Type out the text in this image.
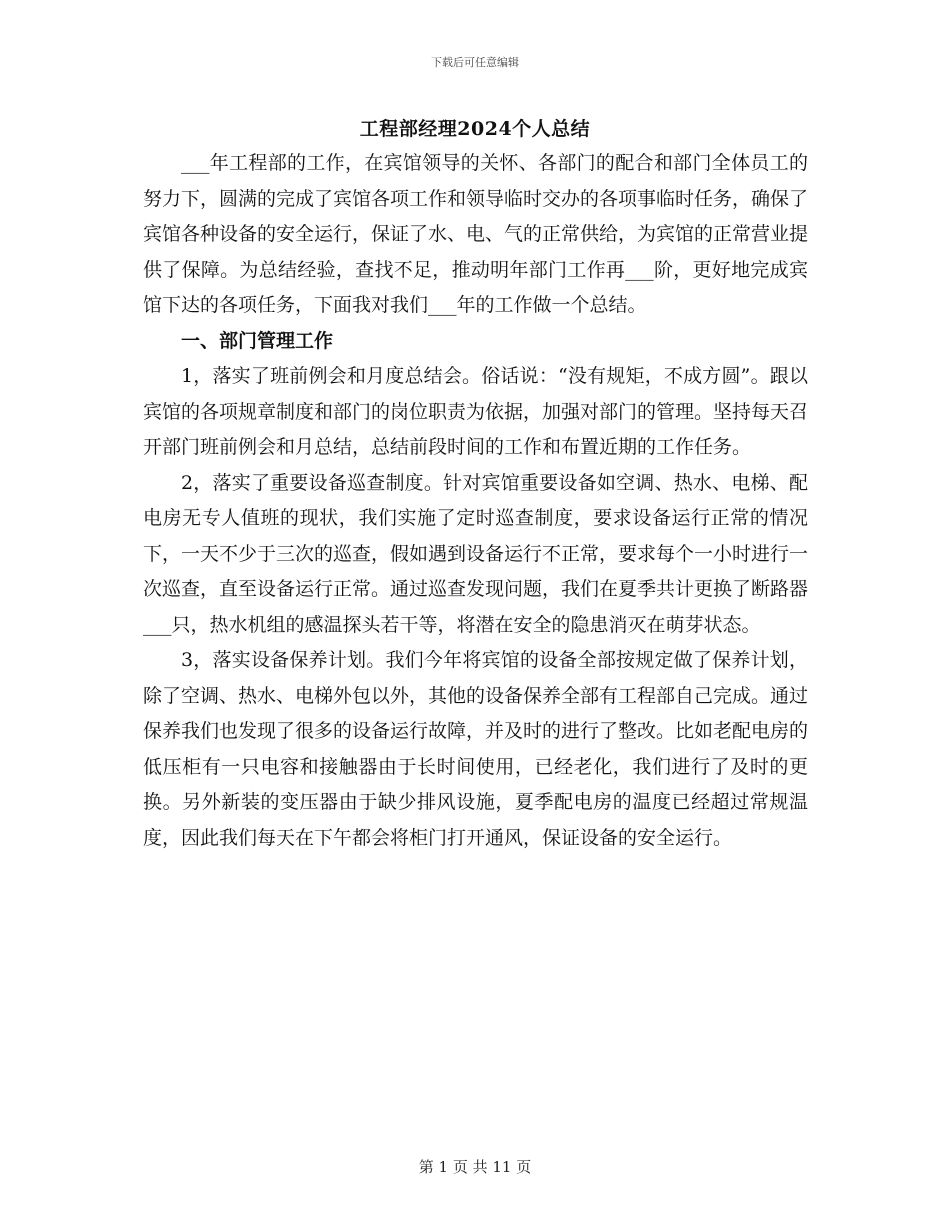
下载后可任意编辑
工程部经理2024个人总结

___年工程部的工作，在宾馆领导的关怀、各部门的配合和部门全体员工的努力下，圆满的完成了宾馆各项工作和领导临时交办的各项事临时任务，确保了宾馆各种设备的安全运行，保证了水、电、气的正常供给，为宾馆的正常营业提供了保障。为总结经验，查找不足，推动明年部门工作再___阶，更好地完成宾馆下达的各项任务，下面我对我们___年的工作做一个总结。

一、部门管理工作

1，落实了班前例会和月度总结会。俗话说：“没有规矩，不成方圆”。跟以宾馆的各项规章制度和部门的岗位职责为依据，加强对部门的管理。坚持每天召开部门班前例会和月总结，总结前段时间的工作和布置近期的工作任务。

2，落实了重要设备巡查制度。针对宾馆重要设备如空调、热水、电梯、配电房无专人值班的现状，我们实施了定时巡查制度，要求设备运行正常的情况下，一天不少于三次的巡查，假如遇到设备运行不正常，要求每个一小时进行一次巡查，直至设备运行正常。通过巡查发现问题，我们在夏季共计更换了断路器___只，热水机组的感温探头若干等，将潜在安全的隐患消灭在萌芽状态。

3，落实设备保养计划。我们今年将宾馆的设备全部按规定做了保养计划，除了空调、热水、电梯外包以外，其他的设备保养全部有工程部自己完成。通过保养我们也发现了很多的设备运行故障，并及时的进行了整改。比如老配电房的低压柜有一只电容和接触器由于长时间使用，已经老化，我们进行了及时的更换。另外新装的变压器由于缺少排风设施，夏季配电房的温度已经超过常规温度，因此我们每天在下午都会将柜门打开通风，保证设备的安全运行。

第 1 页 共 11 页
